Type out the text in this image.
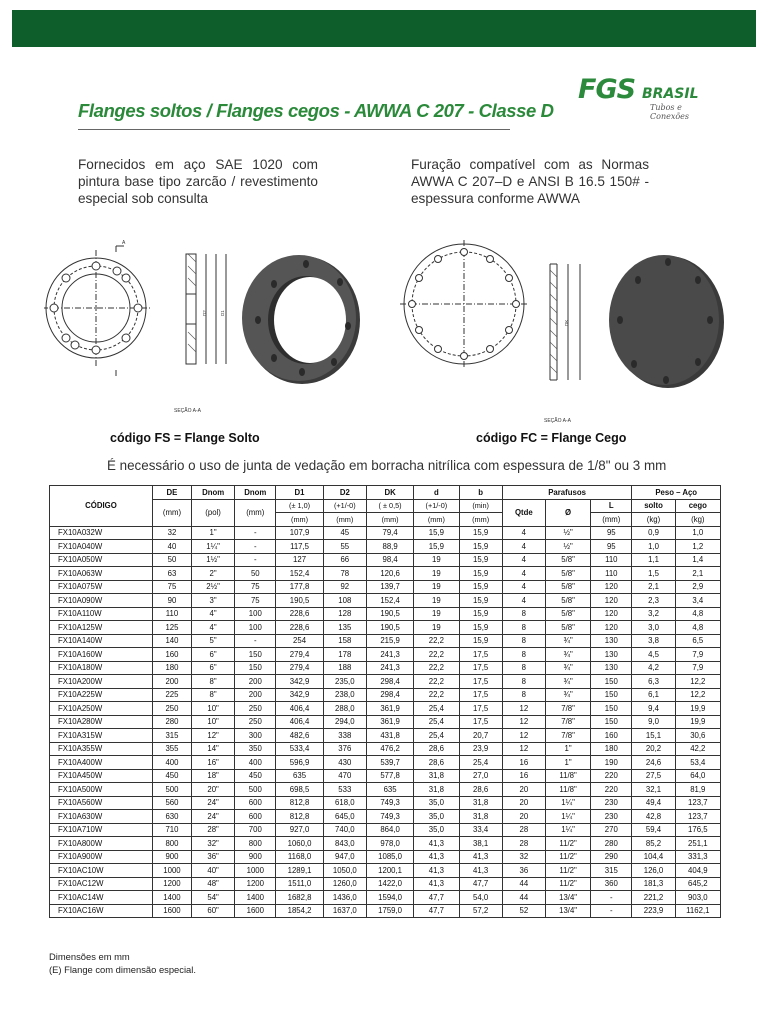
FGS BRASIL
Tubos e Conexões
Flanges soltos / Flanges cegos - AWWA C 207 - Classe D
Fornecidos em aço SAE 1020 com pintura base tipo zarcão / revestimento especial sob consulta
Furação compatível com as Normas AWWA C 207–D e ANSI B 16.5 150# - espessura conforme AWWA
A
D2	D1
SEÇÃO A-A
DK
SEÇÃO A-A
código FS = Flange Solto	código FC = Flange Cego
É necessário o uso de junta de vedação em borracha nitrílica com espessura de 1/8" ou 3 mm
CÓDIGO	DE	Dnom	Dnom	D1	D2	DK	d	b	Parafusos			Peso – Aço	
	(mm)	(pol)	(mm)	(± 1,0)	(+1/-0)	( ± 0,5)	(+1/-0)	(min)	Qtde	Ø	L	solto	cego
				(mm)	(mm)	(mm)	(mm)	(mm)			(mm)	(kg)	(kg)
FX10A032W	32	1"	-	107,9	45	79,4	15,9	15,9	4	½"	95	0,9	1,0
FX10A040W	40	1¼"	-	117,5	55	88,9	15,9	15,9	4	½"	95	1,0	1,2
FX10A050W	50	1½"	-	127	66	98,4	19	15,9	4	5/8"	110	1,1	1,4
FX10A063W	63	2"	50	152,4	78	120,6	19	15,9	4	5/8"	110	1,5	2,1
FX10A075W	75	2½"	75	177,8	92	139,7	19	15,9	4	5/8"	120	2,1	2,9
FX10A090W	90	3"	75	190,5	108	152,4	19	15,9	4	5/8"	120	2,3	3,4
FX10A110W	110	4"	100	228,6	128	190,5	19	15,9	8	5/8"	120	3,2	4,8
FX10A125W	125	4"	100	228,6	135	190,5	19	15,9	8	5/8"	120	3,0	4,8
FX10A140W	140	5"	-	254	158	215,9	22,2	15,9	8	¾"	130	3,8	6,5
FX10A160W	160	6"	150	279,4	178	241,3	22,2	17,5	8	¾"	130	4,5	7,9
FX10A180W	180	6"	150	279,4	188	241,3	22,2	17,5	8	¾"	130	4,2	7,9
FX10A200W	200	8"	200	342,9	235,0	298,4	22,2	17,5	8	¾"	150	6,3	12,2
FX10A225W	225	8"	200	342,9	238,0	298,4	22,2	17,5	8	¾"	150	6,1	12,2
FX10A250W	250	10"	250	406,4	288,0	361,9	25,4	17,5	12	7/8"	150	9,4	19,9
FX10A280W	280	10"	250	406,4	294,0	361,9	25,4	17,5	12	7/8"	150	9,0	19,9
FX10A315W	315	12"	300	482,6	338	431,8	25,4	20,7	12	7/8"	160	15,1	30,6
FX10A355W	355	14"	350	533,4	376	476,2	28,6	23,9	12	1"	180	20,2	42,2
FX10A400W	400	16"	400	596,9	430	539,7	28,6	25,4	16	1"	190	24,6	53,4
FX10A450W	450	18"	450	635	470	577,8	31,8	27,0	16	11/8"	220	27,5	64,0
FX10A500W	500	20"	500	698,5	533	635	31,8	28,6	20	11/8"	220	32,1	81,9
FX10A560W	560	24"	600	812,8	618,0	749,3	35,0	31,8	20	1¼"	230	49,4	123,7
FX10A630W	630	24"	600	812,8	645,0	749,3	35,0	31,8	20	1¼"	230	42,8	123,7
FX10A710W	710	28"	700	927,0	740,0	864,0	35,0	33,4	28	1¼"	270	59,4	176,5
FX10A800W	800	32"	800	1060,0	843,0	978,0	41,3	38,1	28	11/2"	280	85,2	251,1
FX10A900W	900	36"	900	1168,0	947,0	1085,0	41,3	41,3	32	11/2"	290	104,4	331,3
FX10AC10W	1000	40"	1000	1289,1	1050,0	1200,1	41,3	41,3	36	11/2"	315	126,0	404,9
FX10AC12W	1200	48"	1200	1511,0	1260,0	1422,0	41,3	47,7	44	11/2"	360	181,3	645,2
FX10AC14W	1400	54"	1400	1682,8	1436,0	1594,0	47,7	54,0	44	13/4"	-	221,2	903,0
FX10AC16W	1600	60"	1600	1854,2	1637,0	1759,0	47,7	57,2	52	13/4"	-	223,9	1162,1
Dimensões em mm
(E) Flange com dimensão especial.
